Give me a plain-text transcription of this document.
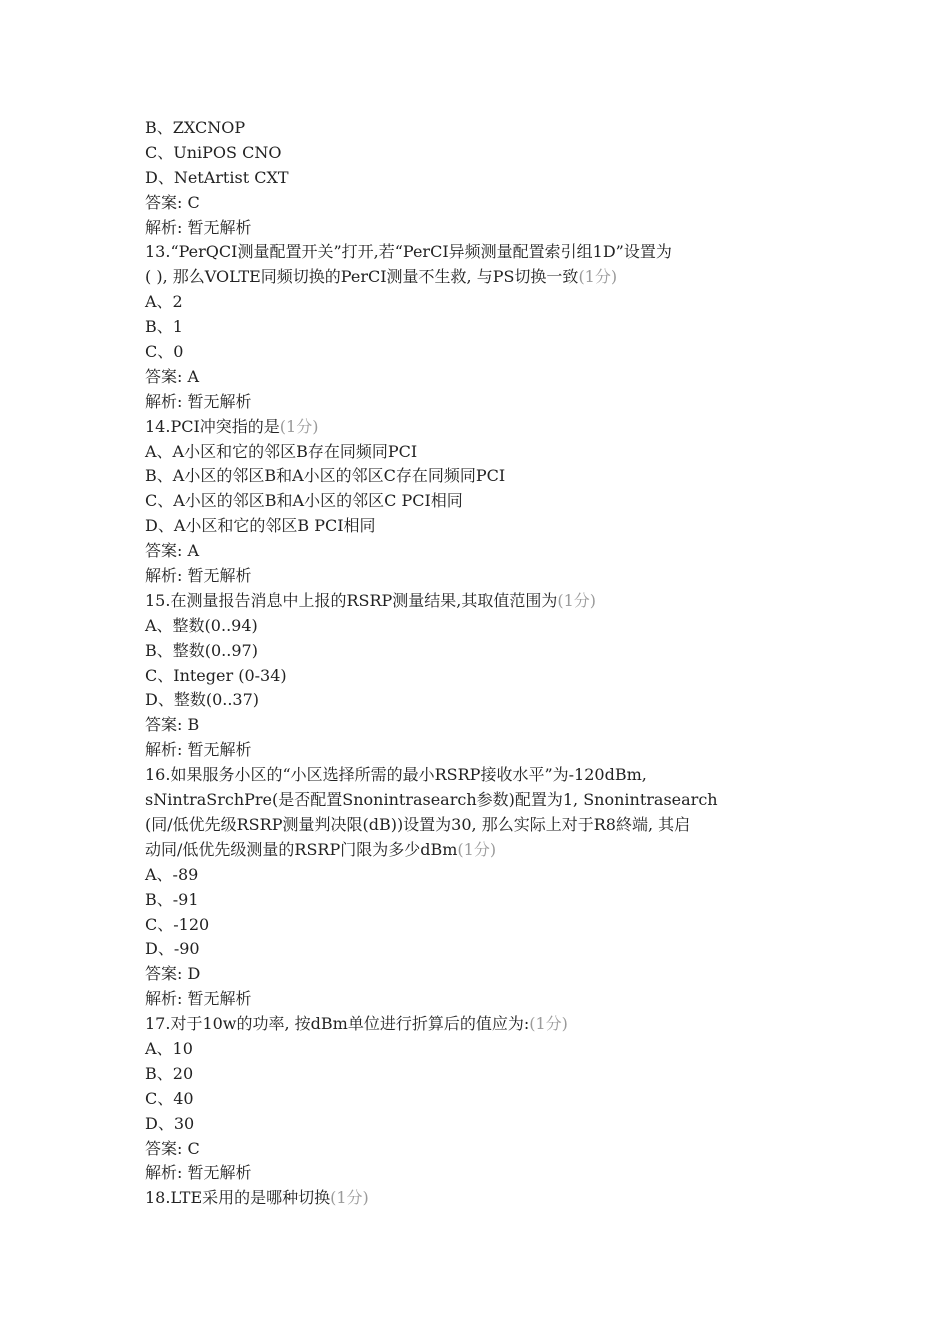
B、ZXCNOP
C、UniPOS CNO
D、NetArtist CXT
答案: C
解析: 暂无解析
13.“PerQCI测量配置开关”打开,若“PerCI异频测量配置索引组1D”设置为
( ), 那么VOLTE同频切换的PerCI测量不生救, 与PS切换一致(1分)
A、2
B、1
C、0
答案: A
解析: 暂无解析
14.PCI冲突指的是(1分)
A、A小区和它的邻区B存在同频同PCI
B、A小区的邻区B和A小区的邻区C存在同频同PCI
C、A小区的邻区B和A小区的邻区C PCI相同
D、A小区和它的邻区B PCI相同
答案: A
解析: 暂无解析
15.在测量报告消息中上报的RSRP测量结果,其取值范围为(1分)
A、整数(0..94)
B、整数(0..97)
C、Integer (0-34)
D、整数(0..37)
答案: B
解析: 暂无解析
16.如果服务小区的“小区选择所需的最小RSRP接收水平”为-120dBm,
sNintraSrchPre(是否配置Snonintrasearch参数)配置为1, Snonintrasearch
(同/低优先级RSRP测量判决限(dB))设置为30, 那么实际上对于R8終端, 其启
动同/低优先级测量的RSRP门限为多少dBm(1分)
A、-89
B、-91
C、-120
D、-90
答案: D
解析: 暂无解析
17.对于10w的功率, 按dBm单位进行折算后的值应为:(1分)
A、10
B、20
C、40
D、30
答案: C
解析: 暂无解析
18.LTE采用的是哪种切换(1分)
